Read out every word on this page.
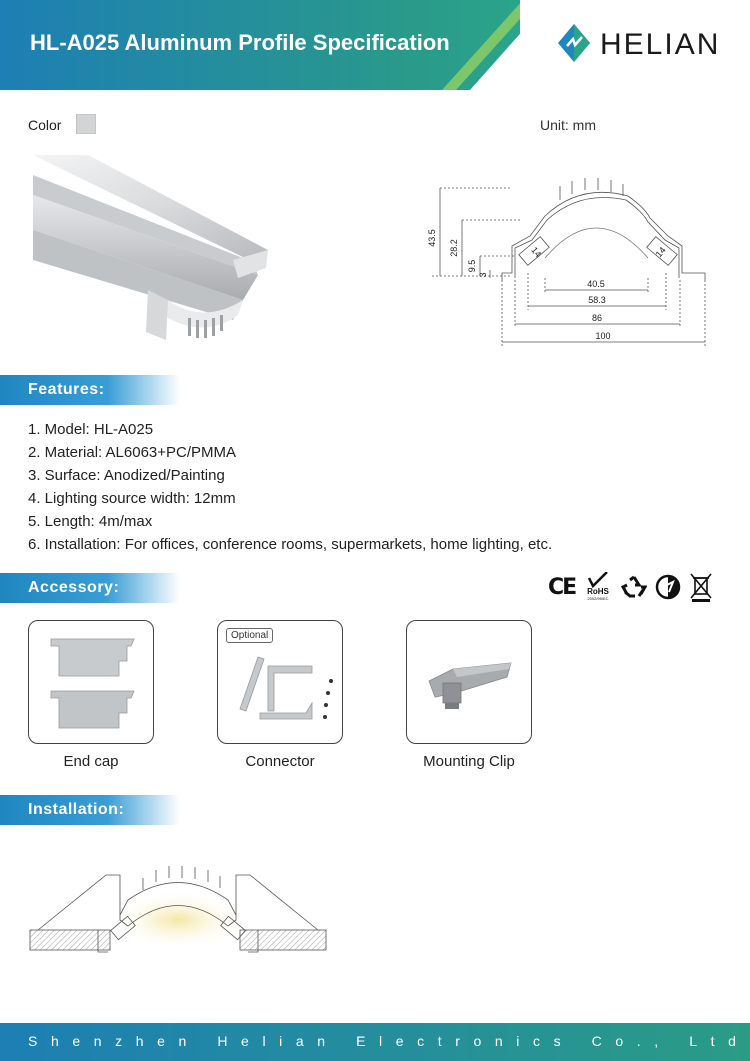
HL-A025 Aluminum Profile Specification	HELIAN
Color	Unit: mm
43.5
28.2
9.5
3
40.5
58.3
86
100
14	14
Features:
1. Model: HL-A025
2. Material: AL6063+PC/PMMA
3. Surface: Anodized/Painting
4. Lighting source width: 12mm
5. Length: 4m/max
6. Installation: For offices, conference rooms, supermarkets, home lighting, etc.
Accessory:	CE RoHS
2002/95/EC
End cap
Optional
Connector	Mounting Clip
Installation:
Shenzhen Helian Electronics Co., Ltd
